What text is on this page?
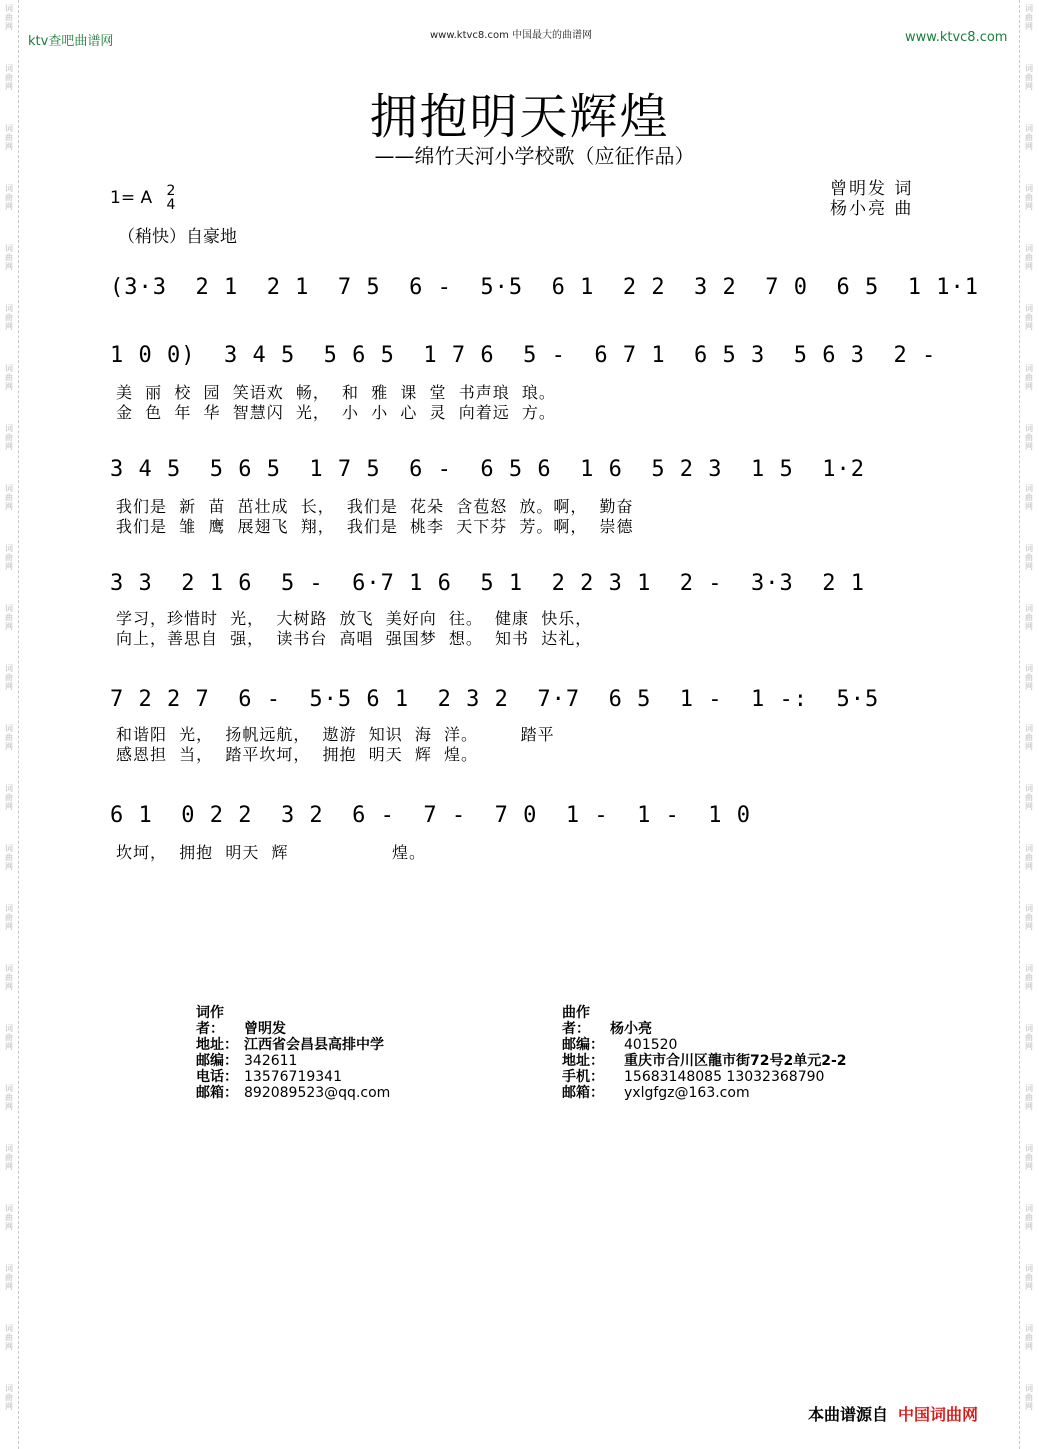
词曲网
词曲网
词曲网
词曲网
词曲网
词曲网
词曲网
词曲网
词曲网
词曲网
词曲网
词曲网
词曲网
词曲网
词曲网
词曲网
词曲网
词曲网
词曲网
词曲网
词曲网
词曲网
词曲网
词曲网
词曲网
词曲网
词曲网
词曲网
词曲网
词曲网
词曲网
词曲网
词曲网
词曲网
词曲网
词曲网
词曲网
词曲网
词曲网
词曲网
词曲网
词曲网
词曲网
词曲网
词曲网
词曲网
词曲网
词曲网
ktv查吧曲谱网	www.ktvc8.com 中国最大的曲谱网	www.ktvc8.com
拥抱明天辉煌
——绵竹天河小学校歌（应征作品）
曾明发 词
杨小亮 曲
1= A 2
4
（稍快）自豪地
(3·3  2 1  2 1  7 5  6 -  5·5  6 1  2 2  3 2  7 0  6 5  1 1·1
1 0 0)  3 4 5  5 6 5  1 7 6  5 -  6 7 1  6 5 3  5 6 3  2 -
美  丽  校  园  笑语欢  畅，  和  雅  课  堂  书声琅  琅。
金  色  年  华  智慧闪  光，  小  小  心  灵  向着远  方。
3 4 5  5 6 5  1 7 5  6 -  6 5 6  1 6  5 2 3  1 5  1·2
我们是  新  苗  茁壮成  长，  我们是  花朵  含苞怒  放。啊，  勤奋
我们是  雏  鹰  展翅飞  翔，  我们是  桃李  天下芬  芳。啊，  崇德
3 3  2 1 6  5 -  6·7 1 6  5 1  2 2 3 1  2 -  3·3  2 1
学习，珍惜时  光，  大树路  放飞  美好向  往。  健康  快乐，
向上，善思自  强，  读书台  高唱  强国梦  想。  知书  达礼，
7 2 2 7  6 -  5·5 6 1  2 3 2  7·7  6 5  1 -  1 -:  5·5
和谐阳  光，  扬帆远航，  遨游  知识  海  洋。       踏平
感恩担  当，  踏平坎坷，  拥抱  明天  辉  煌。
6 1  0 2 2  3 2  6 -  7 -  7 0  1 -  1 -  1 0
坎坷，  拥抱  明天  辉                 煌。
词作者： 曾明发
地址： 江西省会昌县高排中学
邮编： 342611
电话： 13576719341
邮箱： 892089523@qq.com
曲作者： 杨小亮
邮编： 401520
地址： 重庆市合川区龍市街72号2单元2-2
手机： 15683148085 13032368790
邮箱： yxlgfgz@163.com
本曲谱源自 中国词曲网
